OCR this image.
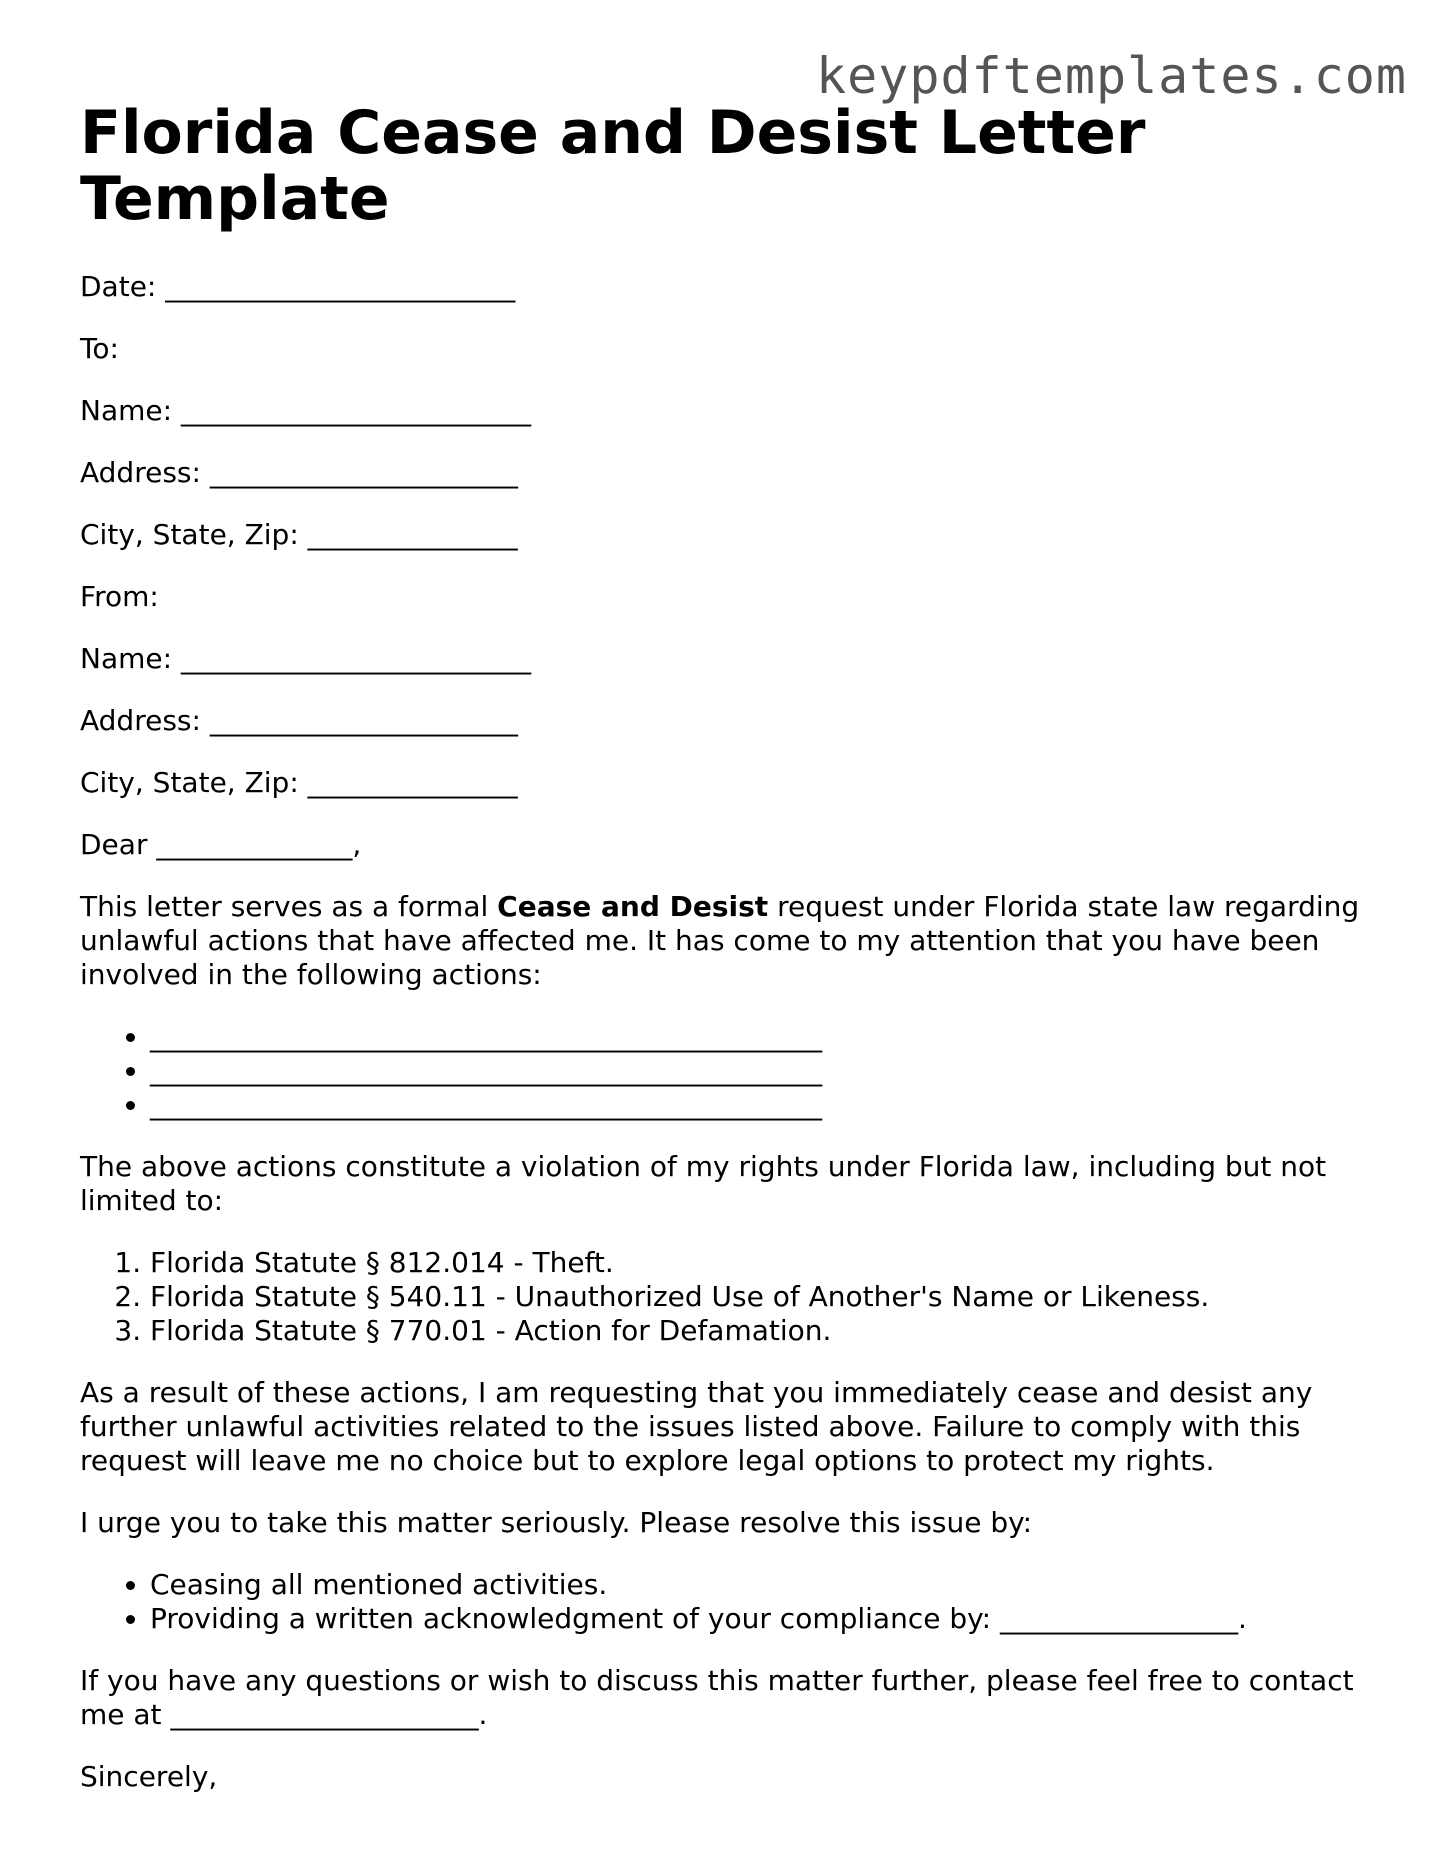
keypdftemplates.com
Florida Cease and Desist Letter Template

Date: _________________________

To:

Name: _________________________

Address: ______________________

City, State, Zip: _______________

From:

Name: _________________________

Address: ______________________

City, State, Zip: _______________

Dear ______________,

This letter serves as a formal Cease and Desist request under Florida state law regarding unlawful actions that have affected me. It has come to my attention that you have been involved in the following actions:

• ________________________________________________
• ________________________________________________
• ________________________________________________

The above actions constitute a violation of my rights under Florida law, including but not limited to:

1. Florida Statute § 812.014 - Theft.
2. Florida Statute § 540.11 - Unauthorized Use of Another's Name or Likeness.
3. Florida Statute § 770.01 - Action for Defamation.

As a result of these actions, I am requesting that you immediately cease and desist any further unlawful activities related to the issues listed above. Failure to comply with this request will leave me no choice but to explore legal options to protect my rights.

I urge you to take this matter seriously. Please resolve this issue by:

• Ceasing all mentioned activities.
• Providing a written acknowledgment of your compliance by: _________________.

If you have any questions or wish to discuss this matter further, please feel free to contact me at ______________________.

Sincerely,
